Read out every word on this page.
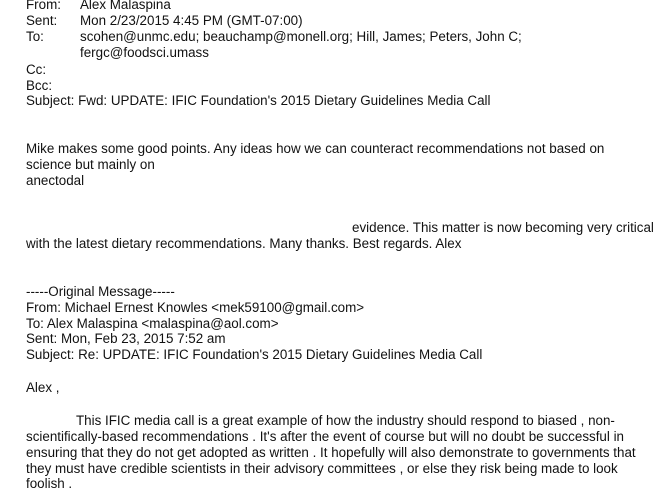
From: Alex Malaspina
Sent: Mon 2/23/2015 4:45 PM (GMT-07:00)
To:	scohen@unmc.edu; beauchamp@monell.org; Hill, James; Peters, John C;
fergc@foodsci.umass
Cc:
Bcc:
Subject: Fwd: UPDATE: IFIC Foundation's 2015 Dietary Guidelines Media Call
Mike makes some good points. Any ideas how we can counteract recommendations not based on
science but mainly on
anectodal
evidence. This matter is now becoming very critical
with the latest dietary recommendations. Many thanks. Best regards. Alex
-----Original Message-----
From: Michael Ernest Knowles <mek59100@gmail.com>
To: Alex Malaspina <malaspina@aol.com>
Sent: Mon, Feb 23, 2015 7:52 am
Subject: Re: UPDATE: IFIC Foundation's 2015 Dietary Guidelines Media Call
Alex ,
This IFIC media call is a great example of how the industry should respond to biased , non-
scientifically-based recommendations . It's after the event of course but will no doubt be successful in
ensuring that they do not get adopted as written . It hopefully will also demonstrate to governments that
they must have credible scientists in their advisory committees , or else they risk being made to look
foolish .
